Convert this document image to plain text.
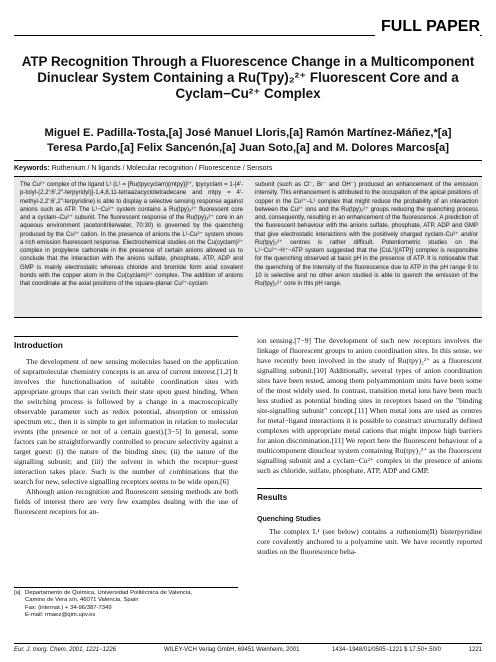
FULL PAPER
ATP Recognition Through a Fluorescence Change in a Multicomponent Dinuclear System Containing a Ru(Tpy)₂²⁺ Fluorescent Core and a Cyclam−Cu²⁺ Complex
Miguel E. Padilla-Tosta,[a] José Manuel Lloris,[a] Ramón Martínez-Máñez,*[a]
Teresa Pardo,[a] Felix Sancenón,[a] Juan Soto,[a] and M. Dolores Marcos[a]
Keywords: Ruthenium / N ligands / Molecular recognition / Fluorescence / Sensors
The Cu²⁺ complex of the ligand L¹ (L¹ = [Ru(tpycyclam)(mtpy)]²⁺, tpycyclam = 1-[4′-p-tolyl-(2,2′:6′,2″-terpyridyl)]-1,4,8,11-tetraazacyclotetradecane and mtpy = 4′-methyl-2,2′:6′,2″-terpyridine) is able to display a selective sensing response against anions such as ATP. The L¹−Cu²⁺ system contains a Ru(tpy)₂²⁺ fluorescent core and a cyclam–Cu²⁺ subunit. The fluorescent response of the Ru(tpy)₂²⁺ core in an aqueous environment (acetonitrile/water, 70:30) is governed by the quenching produced by the Cu²⁺ cation. In the presence of anions the L¹-Cu²⁺ system shows a rich emission fluorescent response. Electrochemical studies on the Cu(cyclam)²⁺ complex in propylene carbonate in the presence of certain anions allowed us to conclude that the interaction with the anions sulfate, phosphate, ATP, ADP and GMP is mainly electrostatic whereas chloride and bromide form axial covalent bonds with the copper atom in the Cu(cyclam)²⁺ complex. The addition of anions that coordinate at the axial positions of the square-planar Cu²⁺-cyclam
subunit (such as Cl⁻, Br⁻ and OH⁻) produced an enhancement of the emission intensity. This enhancement is attributed to the occupation of the apical positions of copper in the Cu²⁺–L¹ complex that might reduce the probability of an interaction between the Cu²⁺ ions and the Ru(tpy)₂²⁺ groups reducing the quenching process and, consequently, resulting in an enhancement of the fluorescence. A prediction of the fluorescent behaviour with the anions sulfate, phosphate, ATP, ADP and GMP that give electrostatic interactions with the positively charged cyclam-Cu²⁺ and/or Ru(tpy)₂²⁺ centres is rather difficult. Potentiometric studies on the L¹−Cu²⁺−H⁺−ATP system suggested that the [CuL¹](ATP)] complex is responsible for the quenching observed at basic pH in the presence of ATP. It is noticeable that the quenching of the intensity of the fluorescence due to ATP in the pH range 9 to 10 is selective and no other anion studied is able to quench the emission of the Ru(tpy)₂²⁺ core in this pH range.
Introduction

The development of new sensing molecules based on the application of supramolecular chemistry concepts is an area of current interest.[1,2] It involves the functionalisation of suitable coordination sites with appropriate groups that can switch their state upon guest binding. When the switching process is followed by a change in a macroscopically observable parameter such as redox potential, absorption or emission spectrum etc., then it is simple to get information in relation to molecular events (the presence or not of a certain guest).[3−5] In general, some factors can be straightforwardly controlled to procure selectivity against a target guest: (i) the nature of the binding sites; (ii) the nature of the signalling subunit; and (iii) the solvent in which the receptor−guest interaction takes place. Such is the number of combinations that the search for new, selective signalling receptors seems to be wide open.[6]

Although anion recognition and fluorescent sensing methods are both fields of interest there are very few examples dealing with the use of fluorescent receptors for an-

ion sensing.[7−9] The development of such new receptors involves the linkage of fluorescent groups to anion coordination sites. In this sense, we have recently been involved in the study of Ru(tpy)₂²⁺ as a fluorescent signalling subunit.[10] Additionally, several types of anion coordination sites have been tested, among them polyammonium units have been some of the most widely used. In contrast, transition metal ions have been much less studied as potential binding sites in receptors based on the "binding site-signalling subunit" concept.[11] When metal ions are used as centres for metal−ligand interactions it is possible to construct structurally defined complexes with appropriate metal cations that might impose high barriers for anion discrimination.[11] We report here the fluorescent behaviour of a multicomponent dinuclear system containing Ru(tpy)₂²⁺ as the fluorescent signalling subunit and a cyclam−Cu²⁺ complex in the presence of anions such as chloride, sulfate, phosphate, ATP, ADP and GMP.

Results
Quenching Studies

The complex L¹ (see below) contains a ruthenium(II) bisterpyridine core covalently anchored to a polyamine unit. We have recently reported studies on the fluorescence beha-

[a] Departamento de Química, Universidad Politécnica de Valencia,
Camino de Vera s/n, 46071 Valencia, Spain
Fax: (internat.) + 34-96/387-7349
E-mail: rmaez@qim.upv.es
Eur. J. Inorg. Chem. 2001, 1221−1226	WILEY-VCH Verlag GmbH, 69451 Weinheim, 2001	1434−1948/01/0505−1221 $ 17.50+.50/0	1221
